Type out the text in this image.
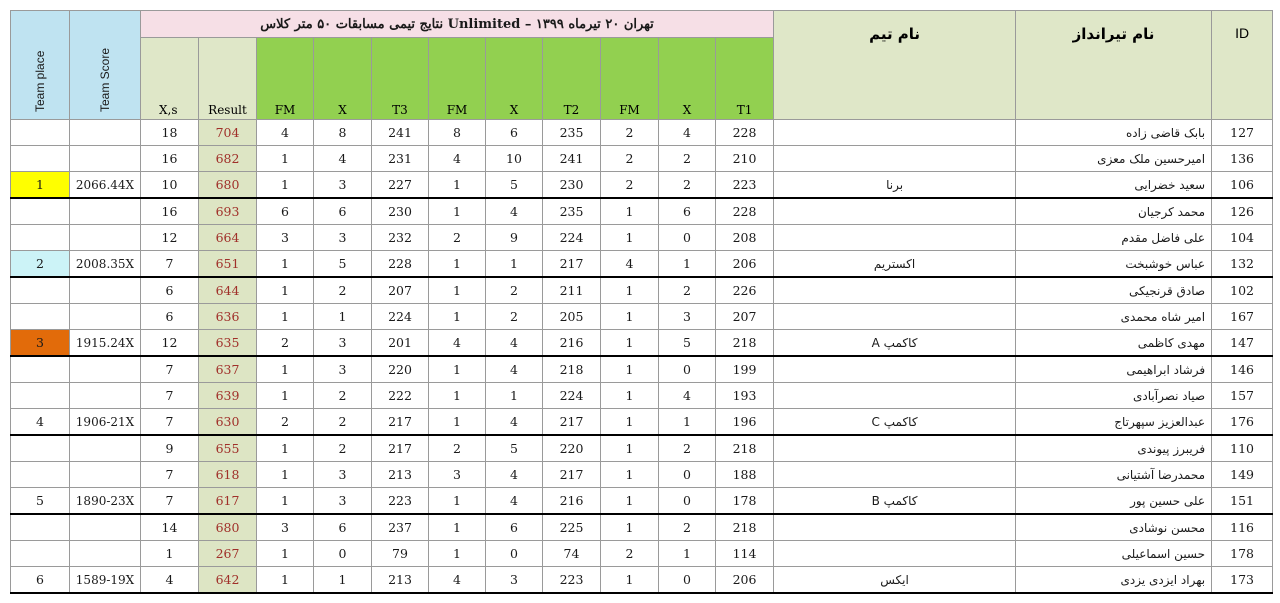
Team place	Team Score	نتایج تیمی مسابقات ۵۰ متر کلاس Unlimited – تهران ۲۰ تیرماه ۱۳۹۹											نام تیم	نام تیرانداز	ID
		X,s	Result	FM	X	T3	FM	X	T2	FM	X	T1			
		18	704	4	8	241	8	6	235	2	4	228		بابک قاضی زاده	127
		16	682	1	4	231	4	10	241	2	2	210		امیرحسین ملک معزی	136
1	2066.44X	10	680	1	3	227	1	5	230	2	2	223	برنا	سعید خضرایی	106
		16	693	6	6	230	1	4	235	1	6	228		محمد کرجیان	126
		12	664	3	3	232	2	9	224	1	0	208		علی فاضل مقدم	104
2	2008.35X	7	651	1	5	228	1	1	217	4	1	206	اکستریم	عباس خوشبخت	132
		6	644	1	2	207	1	2	211	1	2	226		صادق قرنجیکی	102
		6	636	1	1	224	1	2	205	1	3	207		امیر شاه محمدی	167
3	1915.24X	12	635	2	3	201	4	4	216	1	5	218	کاکمپ A	مهدی کاظمی	147
		7	637	1	3	220	1	4	218	1	0	199		فرشاد ابراهیمی	146
		7	639	1	2	222	1	1	224	1	4	193		صیاد نصرآبادی	157
4	1906-21X	7	630	2	2	217	1	4	217	1	1	196	کاکمپ C	عبدالعزیز سپهرتاج	176
		9	655	1	2	217	2	5	220	1	2	218		فریبرز پیوندی	110
		7	618	1	3	213	3	4	217	1	0	188		محمدرضا آشتیانی	149
5	1890-23X	7	617	1	3	223	1	4	216	1	0	178	کاکمپ B	علی حسین پور	151
		14	680	3	6	237	1	6	225	1	2	218		محسن نوشادی	116
		1	267	1	0	79	1	0	74	2	1	114		حسین اسماعیلی	178
6	1589-19X	4	642	1	1	213	4	3	223	1	0	206	ایکس	بهراد ایزدی یزدی	173
